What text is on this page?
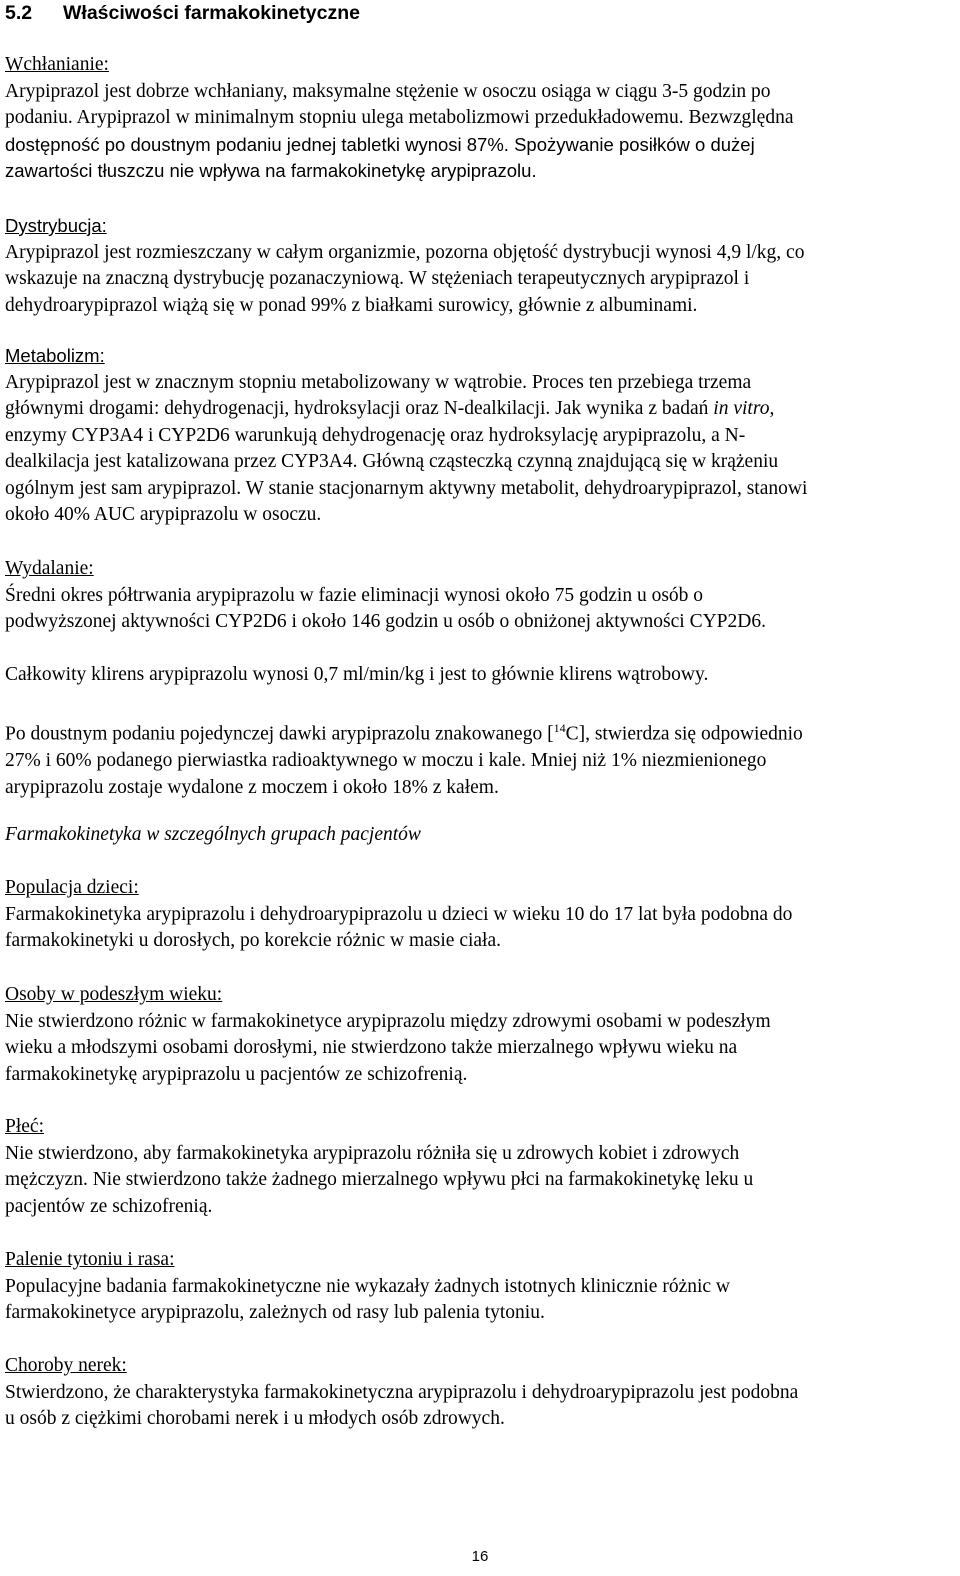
5.2 Właściwości farmakokinetyczne
Wchłanianie:

Arypiprazol jest dobrze wchłaniany, maksymalne stężenie w osoczu osiąga w ciągu 3-5 godzin po
podaniu. Arypiprazol w minimalnym stopniu ulega metabolizmowi przedukładowemu. Bezwzględna
dostępność po doustnym podaniu jednej tabletki wynosi 87%. Spożywanie posiłków o dużej
zawartości tłuszczu nie wpływa na farmakokinetykę arypiprazolu.

Dystrybucja:

Arypiprazol jest rozmieszczany w całym organizmie, pozorna objętość dystrybucji wynosi 4,9 l/kg, co
wskazuje na znaczną dystrybucję pozanaczyniową. W stężeniach terapeutycznych arypiprazol i
dehydroarypiprazol wiążą się w ponad 99% z białkami surowicy, głównie z albuminami.

Metabolizm:

Arypiprazol jest w znacznym stopniu metabolizowany w wątrobie. Proces ten przebiega trzema
głównymi drogami: dehydrogenacji, hydroksylacji oraz N-dealkilacji. Jak wynika z badań in vitro,
enzymy CYP3A4 i CYP2D6 warunkują dehydrogenację oraz hydroksylację arypiprazolu, a N-
dealkilacja jest katalizowana przez CYP3A4. Główną cząsteczką czynną znajdującą się w krążeniu
ogólnym jest sam arypiprazol. W stanie stacjonarnym aktywny metabolit, dehydroarypiprazol, stanowi
około 40% AUC arypiprazolu w osoczu.

Wydalanie:

Średni okres półtrwania arypiprazolu w fazie eliminacji wynosi około 75 godzin u osób o
podwyższonej aktywności CYP2D6 i około 146 godzin u osób o obniżonej aktywności CYP2D6.

Całkowity klirens arypiprazolu wynosi 0,7 ml/min/kg i jest to głównie klirens wątrobowy.

Po doustnym podaniu pojedynczej dawki arypiprazolu znakowanego [$^{14}$C], stwierdza się odpowiednio
27% i 60% podanego pierwiastka radioaktywnego w moczu i kale. Mniej niż 1% niezmienionego
arypiprazolu zostaje wydalone z moczem i około 18% z kałem.

Farmakokinetyka w szczególnych grupach pacjentów
Populacja dzieci:

Farmakokinetyka arypiprazolu i dehydroarypiprazolu u dzieci w wieku 10 do 17 lat była podobna do
farmakokinetyki u dorosłych, po korekcie różnic w masie ciała.

Osoby w podeszłym wieku:

Nie stwierdzono różnic w farmakokinetyce arypiprazolu między zdrowymi osobami w podeszłym
wieku a młodszymi osobami dorosłymi, nie stwierdzono także mierzalnego wpływu wieku na
farmakokinetykę arypiprazolu u pacjentów ze schizofrenią.

Płeć:

Nie stwierdzono, aby farmakokinetyka arypiprazolu różniła się u zdrowych kobiet i zdrowych
mężczyzn. Nie stwierdzono także żadnego mierzalnego wpływu płci na farmakokinetykę leku u
pacjentów ze schizofrenią.

Palenie tytoniu i rasa:

Populacyjne badania farmakokinetyczne nie wykazały żadnych istotnych klinicznie różnic w
farmakokinetyce arypiprazolu, zależnych od rasy lub palenia tytoniu.

Choroby nerek:

Stwierdzono, że charakterystyka farmakokinetyczna arypiprazolu i dehydroarypiprazolu jest podobna
u osób z ciężkimi chorobami nerek i u młodych osób zdrowych.

16
